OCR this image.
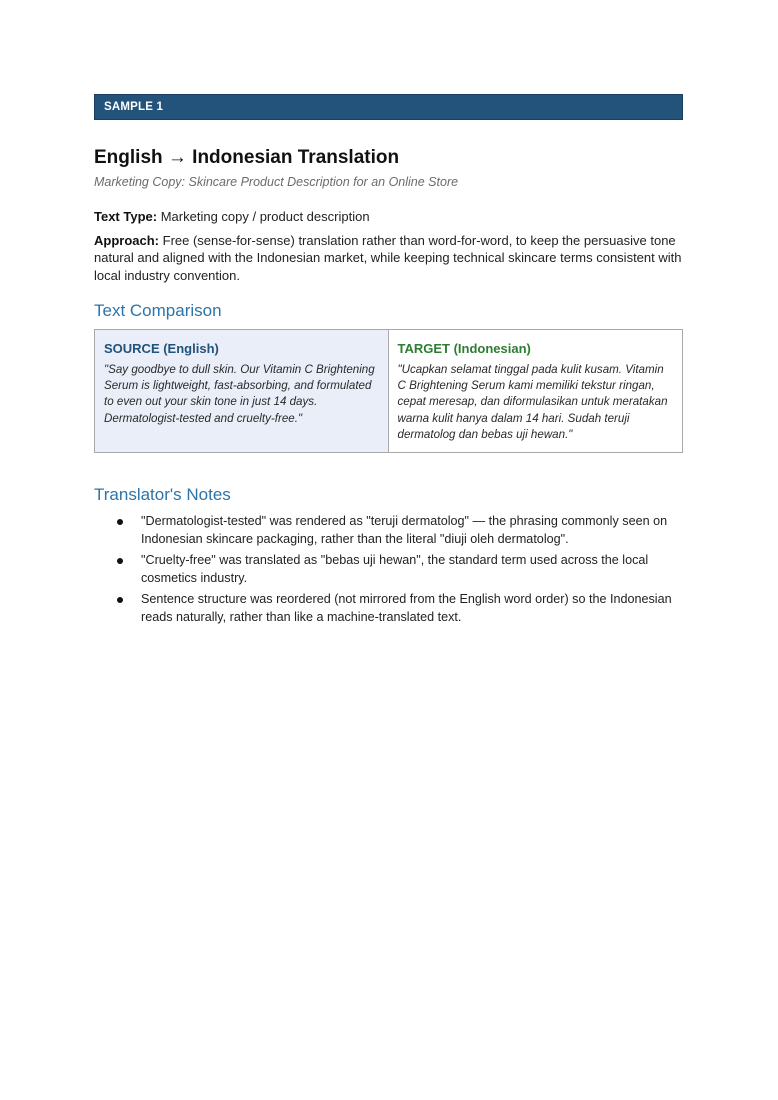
SAMPLE 1
English → Indonesian Translation
Marketing Copy: Skincare Product Description for an Online Store
Text Type: Marketing copy / product description
Approach: Free (sense-for-sense) translation rather than word-for-word, to keep the persuasive tone natural and aligned with the Indonesian market, while keeping technical skincare terms consistent with local industry convention.
Text Comparison
SOURCE (English)
"Say goodbye to dull skin. Our Vitamin C Brightening Serum is lightweight, fast-absorbing, and formulated to even out your skin tone in just 14 days. Dermatologist-tested and cruelty-free."
TARGET (Indonesian)
"Ucapkan selamat tinggal pada kulit kusam. Vitamin C Brightening Serum kami memiliki tekstur ringan, cepat meresap, dan diformulasikan untuk meratakan warna kulit hanya dalam 14 hari. Sudah teruji dermatolog dan bebas uji hewan."
Translator's Notes
"Dermatologist-tested" was rendered as "teruji dermatolog" — the phrasing commonly seen on Indonesian skincare packaging, rather than the literal "diuji oleh dermatolog".
"Cruelty-free" was translated as "bebas uji hewan", the standard term used across the local cosmetics industry.
Sentence structure was reordered (not mirrored from the English word order) so the Indonesian reads naturally, rather than like a machine-translated text.
